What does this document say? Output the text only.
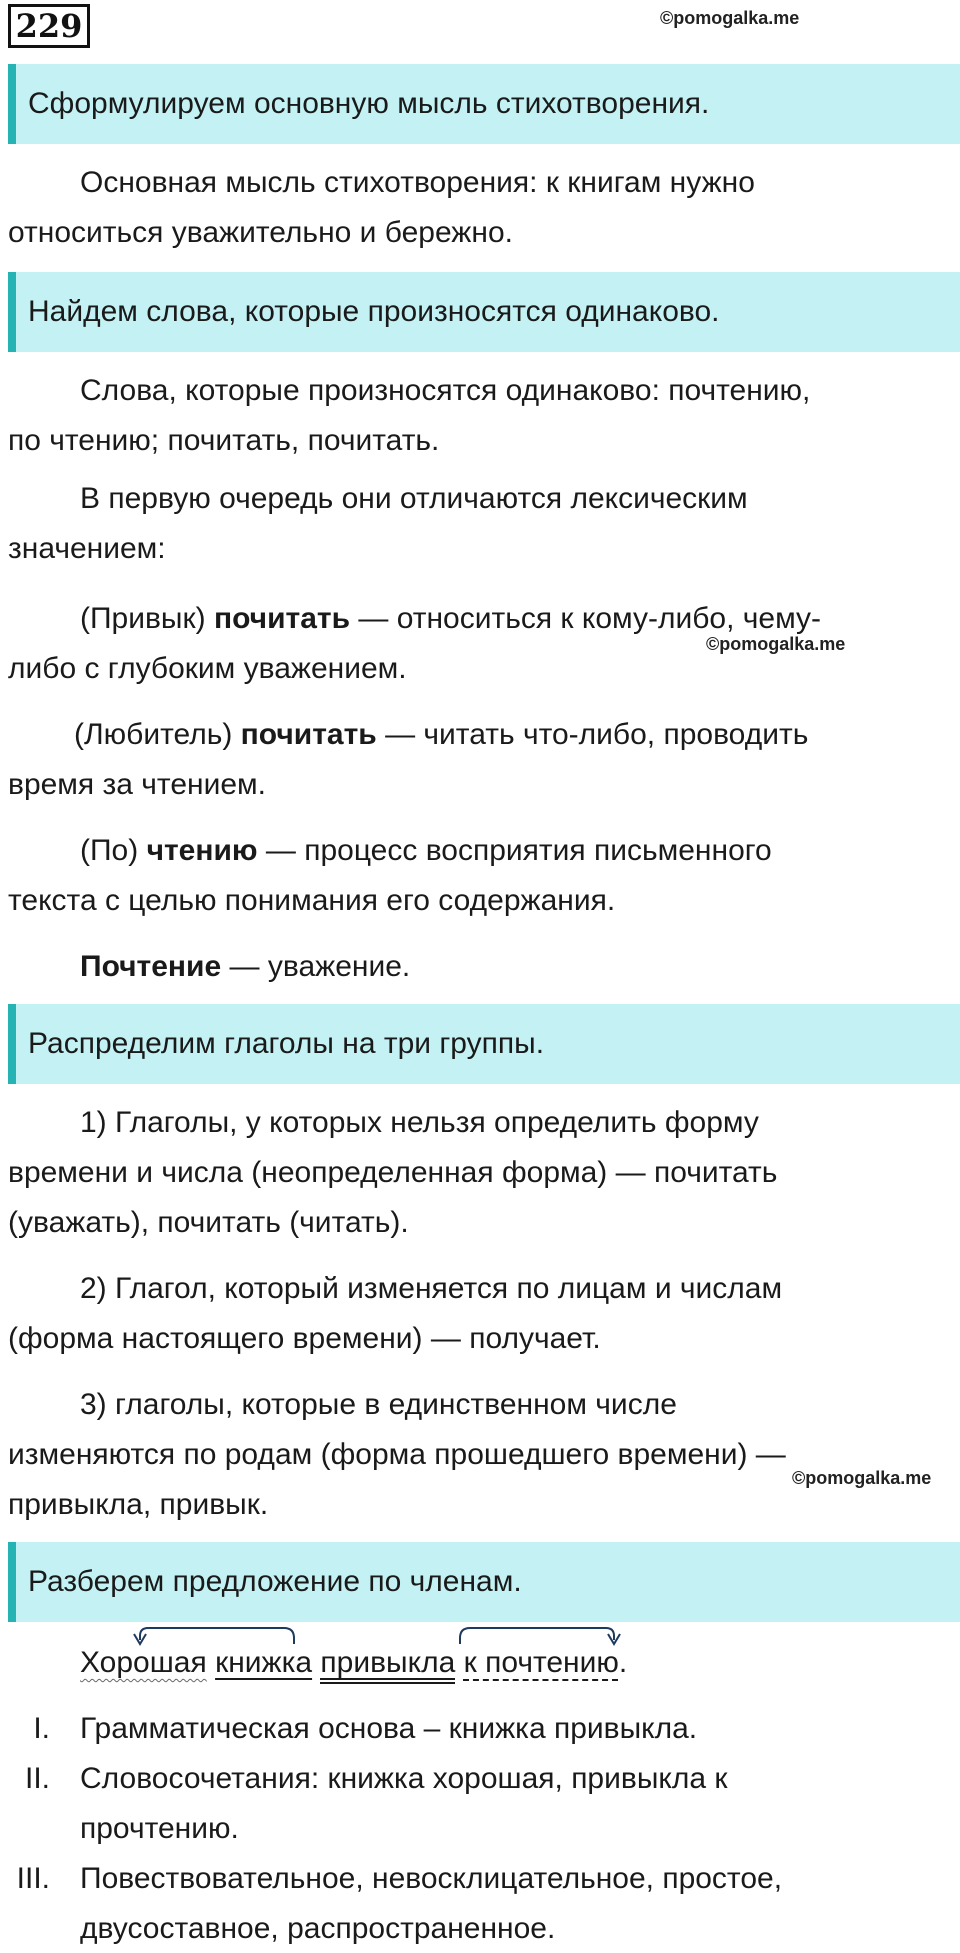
229	©pomogalka.me
Сформулируем основную мысль стихотворения.
Основная мысль стихотворения: к книгам нужно
относиться уважительно и бережно.
Найдем слова, которые произносятся одинаково.
Слова, которые произносятся одинаково: почтению,
по чтению; почитать, почитать.
В первую очередь они отличаются лексическим
значением:
(Привык) почитать — относиться к кому-либо, чему-
©pomogalka.me
либо с глубоким уважением.
(Любитель) почитать — читать что-либо, проводить
время за чтением.
(По) чтению — процесс восприятия письменного
текста с целью понимания его содержания.
Почтение — уважение.
Распределим глаголы на три группы.
1) Глаголы, у которых нельзя определить форму
времени и числа (неопределенная форма) — почитать
(уважать), почитать (читать).
2) Глагол, который изменяется по лицам и числам
(форма настоящего времени) — получает.
3) глаголы, которые в единственном числе
изменяются по родам (форма прошедшего времени) —
©pomogalka.me
привыкла, привык.
Разберем предложение по членам.
Хорошая книжка привыкла к почтению.
I. Грамматическая основа – книжка привыкла.
II. Словосочетания: книжка хорошая, привыкла к
прочтению.
III. Повествовательное, невосклицательное, простое,
двусоставное, распространенное.
